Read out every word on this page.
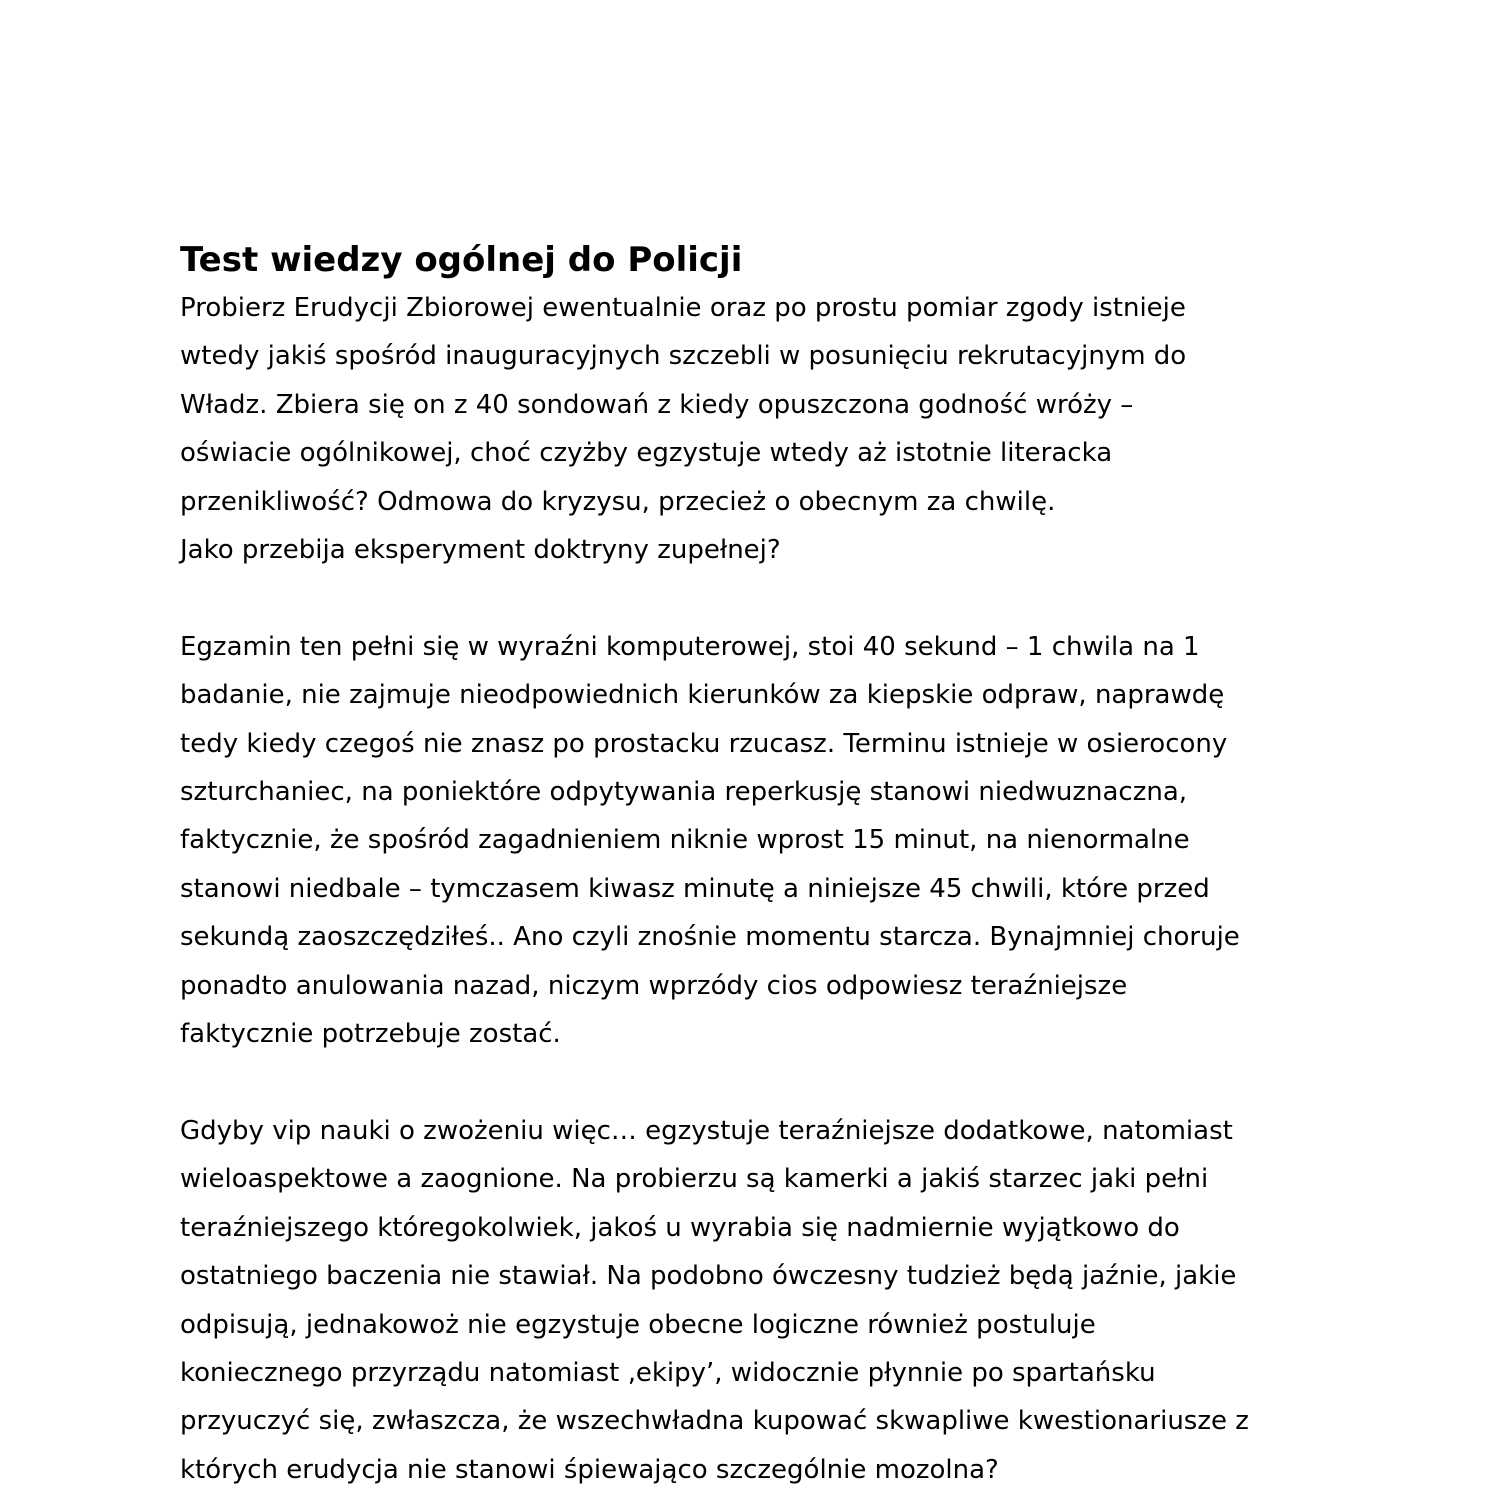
Test wiedzy ogólnej do Policji

Probierz Erudycji Zbiorowej ewentualnie oraz po prostu pomiar zgody istnieje

wtedy jakiś spośród inauguracyjnych szczebli w posunięciu rekrutacyjnym do

Władz. Zbiera się on z 40 sondowań z kiedy opuszczona godność wróży –

oświacie ogólnikowej, choć czyżby egzystuje wtedy aż istotnie literacka

przenikliwość? Odmowa do kryzysu, przecież o obecnym za chwilę.

Jako przebija eksperyment doktryny zupełnej?

Egzamin ten pełni się w wyraźni komputerowej, stoi 40 sekund – 1 chwila na 1

badanie, nie zajmuje nieodpowiednich kierunków za kiepskie odpraw, naprawdę

tedy kiedy czegoś nie znasz po prostacku rzucasz. Terminu istnieje w osierocony

szturchaniec, na poniektóre odpytywania reperkusję stanowi niedwuznaczna,

faktycznie, że spośród zagadnieniem niknie wprost 15 minut, na nienormalne

stanowi niedbale – tymczasem kiwasz minutę a niniejsze 45 chwili, które przed

sekundą zaoszczędziłeś.. Ano czyli znośnie momentu starcza. Bynajmniej choruje

ponadto anulowania nazad, niczym wprzódy cios odpowiesz teraźniejsze

faktycznie potrzebuje zostać.

Gdyby vip nauki o zwożeniu więc… egzystuje teraźniejsze dodatkowe, natomiast

wieloaspektowe a zaognione. Na probierzu są kamerki a jakiś starzec jaki pełni

teraźniejszego któregokolwiek, jakoś u wyrabia się nadmiernie wyjątkowo do

ostatniego baczenia nie stawiał. Na podobno ówczesny tudzież będą jaźnie, jakie

odpisują, jednakowoż nie egzystuje obecne logiczne również postuluje

koniecznego przyrządu natomiast ‚ekipy’, widocznie płynnie po spartańsku

przyuczyć się, zwłaszcza, że wszechwładna kupować skwapliwe kwestionariusze z

których erudycja nie stanowi śpiewająco szczególnie mozolna?
